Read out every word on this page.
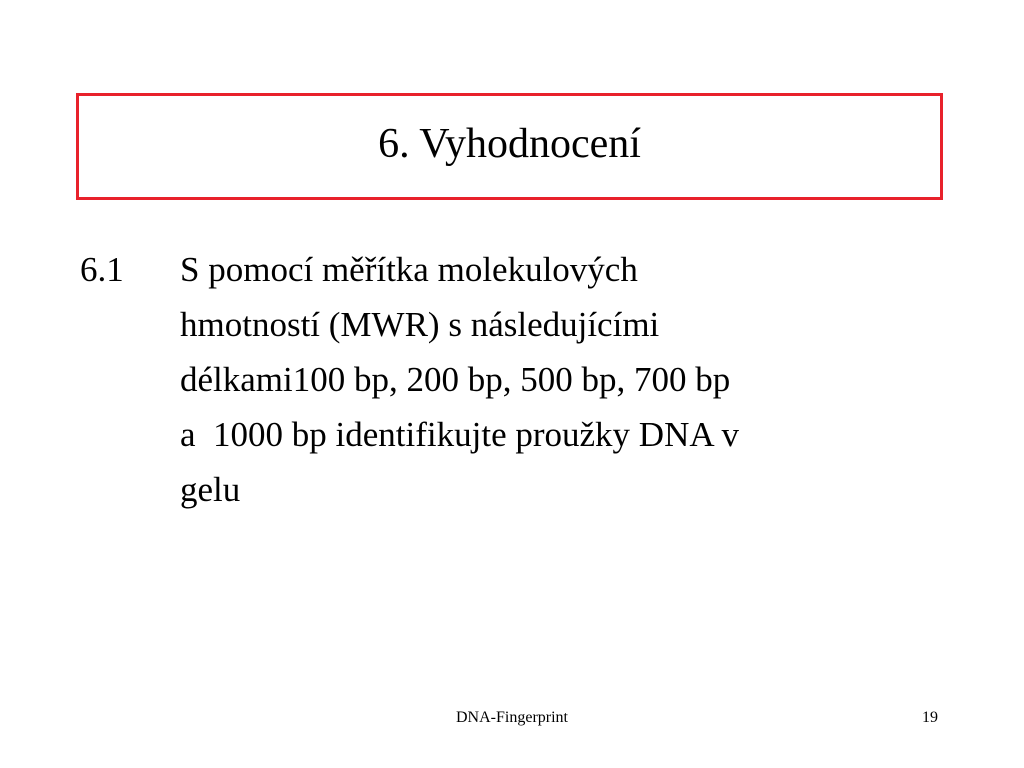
6. Vyhodnocení
6.1	S pomocí měřítka molekulových
hmotností (MWR) s následujícími
délkami100 bp, 200 bp, 500 bp, 700 bp
a  1000 bp identifikujte proužky DNA v
gelu
DNA-Fingerprint	19
